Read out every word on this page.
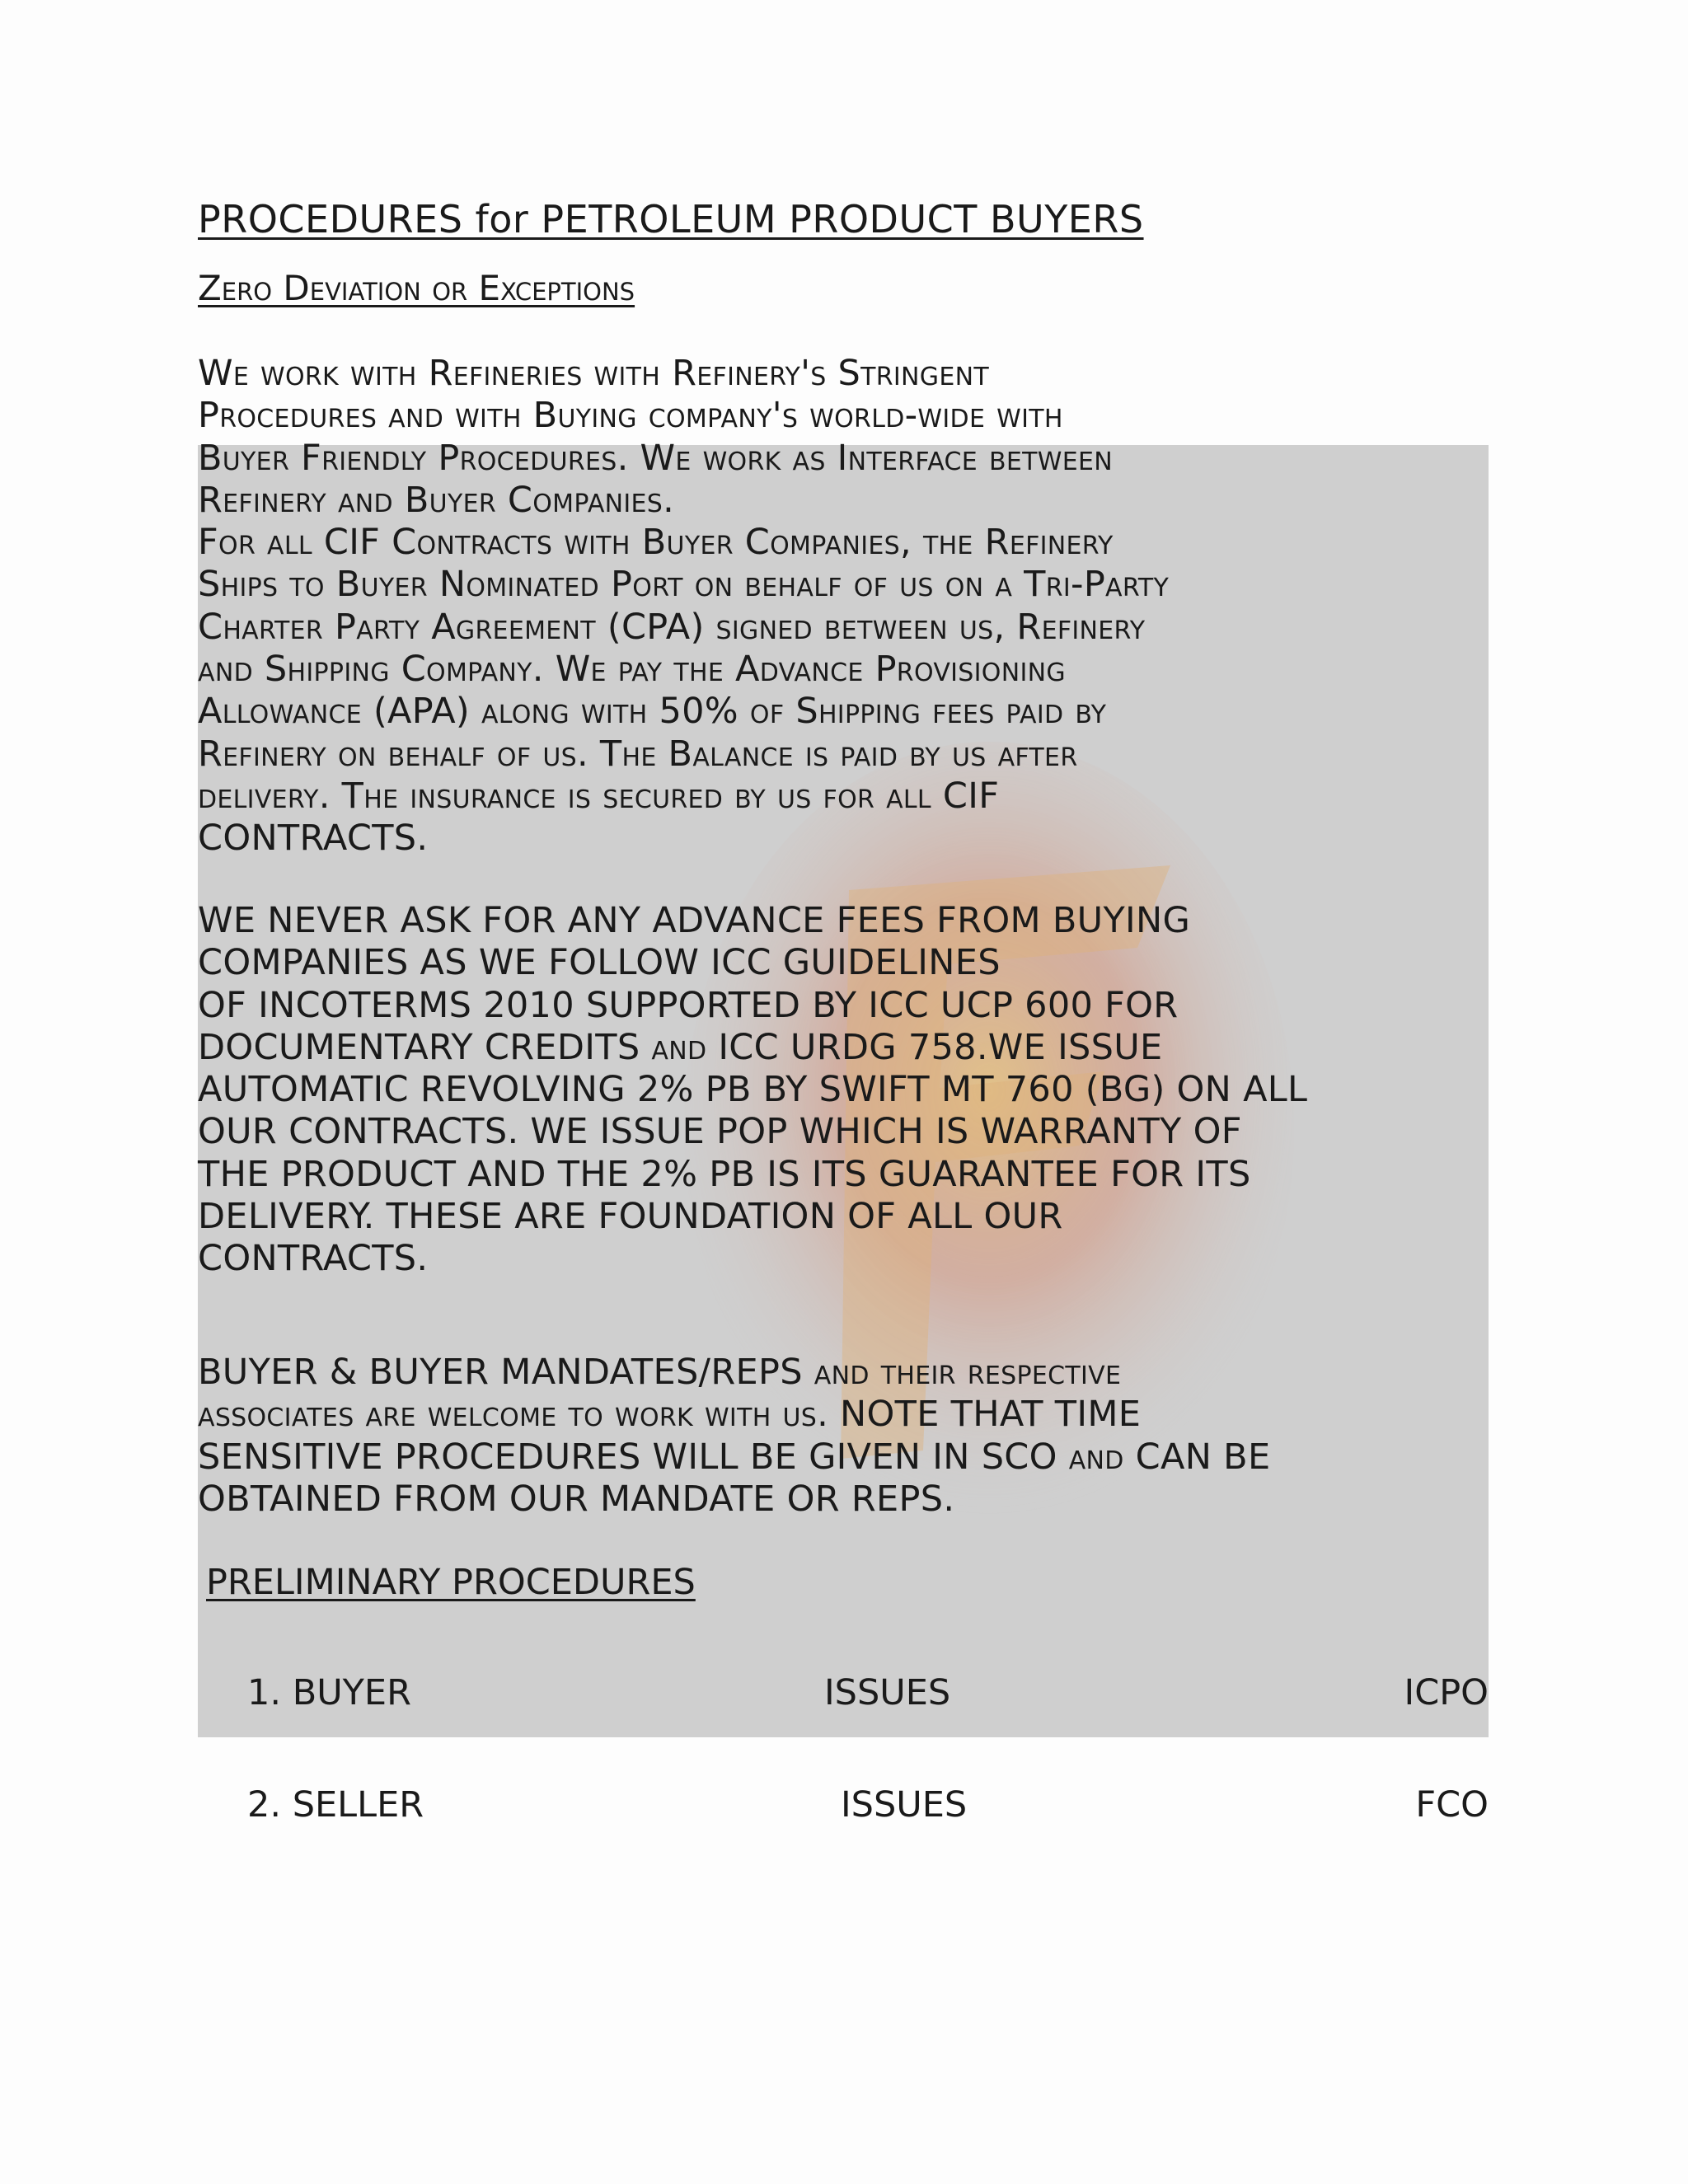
PROCEDURES for PETROLEUM PRODUCT BUYERS
Zero Deviation or Exceptions
We work with Refineries with Refinery's Stringent
Procedures and with Buying company's world-wide with
Buyer Friendly Procedures. We work as Interface between
Refinery and Buyer Companies.
For all CIF Contracts with Buyer Companies, the Refinery
Ships to Buyer Nominated Port on behalf of us on a Tri-Party
Charter Party Agreement (CPA) signed between us, Refinery
and Shipping Company. We pay the Advance Provisioning
Allowance (APA) along with 50% of Shipping fees paid by
Refinery on behalf of us. The Balance is paid by us after
delivery. The insurance is secured by us for all CIF
CONTRACTS.
WE NEVER ASK FOR ANY ADVANCE FEES FROM BUYING
COMPANIES AS WE FOLLOW ICC GUIDELINES
OF INCOTERMS 2010 SUPPORTED BY ICC UCP 600 FOR
DOCUMENTARY CREDITS and ICC URDG 758.WE ISSUE
AUTOMATIC REVOLVING 2% PB BY SWIFT MT 760 (BG) ON ALL
OUR CONTRACTS. WE ISSUE POP WHICH IS WARRANTY OF
THE PRODUCT AND THE 2% PB IS ITS GUARANTEE FOR ITS
DELIVERY. THESE ARE FOUNDATION OF ALL OUR
CONTRACTS.
BUYER & BUYER MANDATES/REPS and their respective
associates are welcome to work with us. NOTE THAT TIME
SENSITIVE PROCEDURES WILL BE GIVEN IN SCO and CAN BE
OBTAINED FROM OUR MANDATE OR REPS.
PRELIMINARY PROCEDURES
1. BUYER	ISSUES	ICPO
2. SELLER	ISSUES	FCO
